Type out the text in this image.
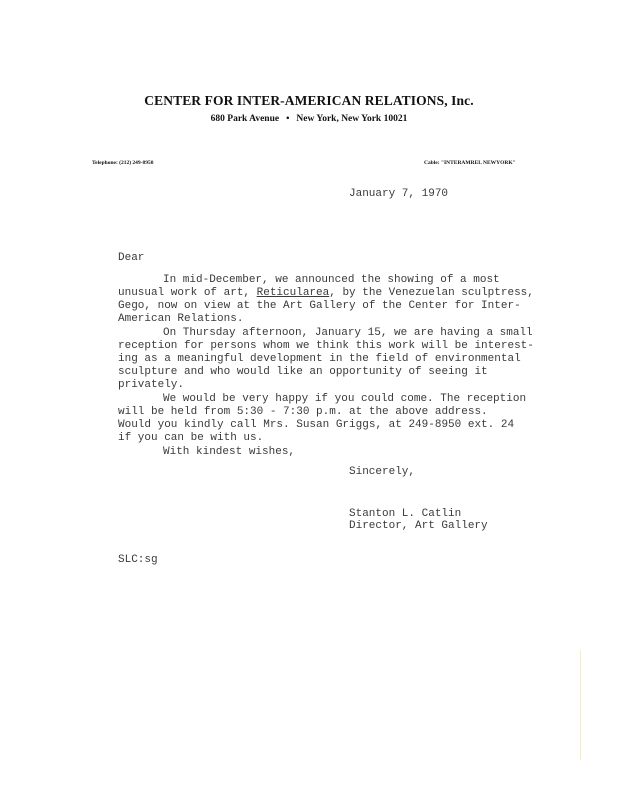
CENTER FOR INTER-AMERICAN RELATIONS, Inc.
680 Park Avenue • New York, New York 10021
Telephone: (212) 249-8950	Cable: "INTERAMREL NEWYORK"
January 7, 1970
Dear
In mid-December, we announced the showing of a most
unusual work of art, Reticularea, by the Venezuelan sculptress,
Gego, now on view at the Art Gallery of the Center for Inter-
American Relations.
On Thursday afternoon, January 15, we are having a small
reception for persons whom we think this work will be interest-
ing as a meaningful development in the field of environmental
sculpture and who would like an opportunity of seeing it
privately.
We would be very happy if you could come. The reception
will be held from 5:30 - 7:30 p.m. at the above address.
Would you kindly call Mrs. Susan Griggs, at 249-8950 ext. 24
if you can be with us.
With kindest wishes,
Sincerely,
Stanton L. Catlin
Director, Art Gallery
SLC:sg
